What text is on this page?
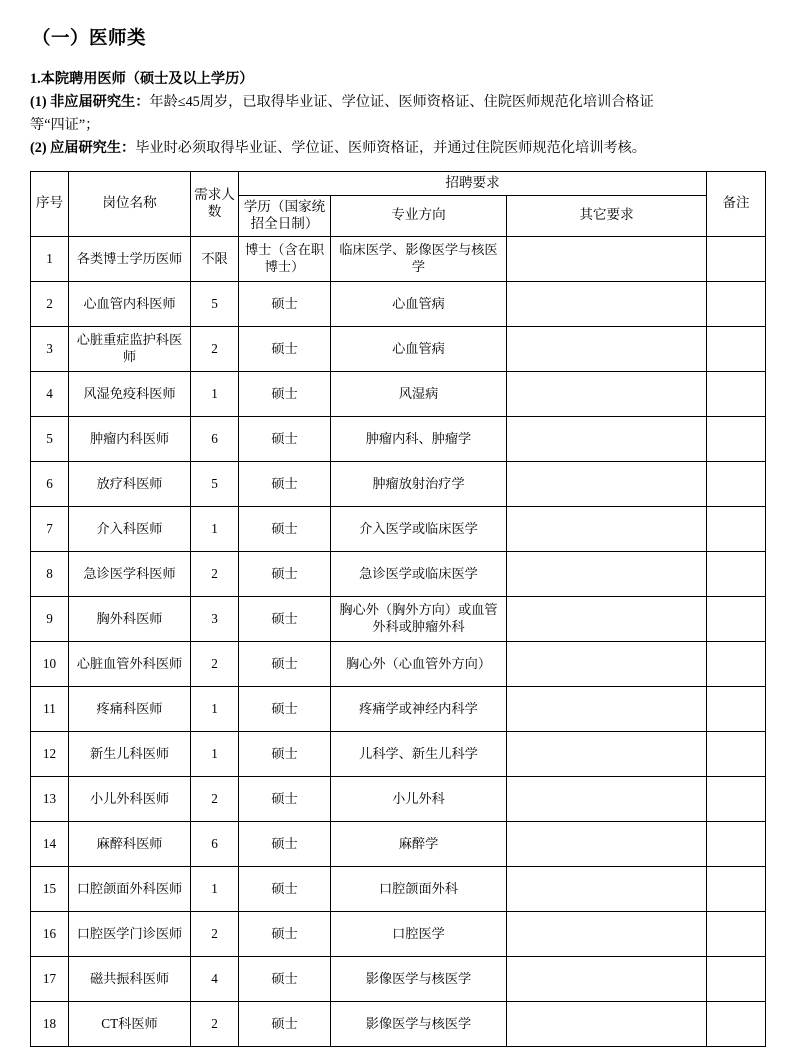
（一）医师类

1.本院聘用医师（硕士及以上学历）

(1) 非应届研究生：年龄≤45周岁，已取得毕业证、学位证、医师资格证、住院医师规范化培训合格证

等“四证”；

(2) 应届研究生：毕业时必须取得毕业证、学位证、医师资格证，并通过住院医师规范化培训考核。

序号	岗位名称	需求人数	招聘要求			备注
			学历（国家统招全日制）	专业方向	其它要求	
1	各类博士学历医师	不限	博士（含在职博士）	临床医学、影像医学与核医学		
2	心血管内科医师	5	硕士	心血管病		
3	心脏重症监护科医师	2	硕士	心血管病		
4	风湿免疫科医师	1	硕士	风湿病		
5	肿瘤内科医师	6	硕士	肿瘤内科、肿瘤学		
6	放疗科医师	5	硕士	肿瘤放射治疗学		
7	介入科医师	1	硕士	介入医学或临床医学		
8	急诊医学科医师	2	硕士	急诊医学或临床医学		
9	胸外科医师	3	硕士	胸心外（胸外方向）或血管外科或肿瘤外科		
10	心脏血管外科医师	2	硕士	胸心外（心血管外方向）		
11	疼痛科医师	1	硕士	疼痛学或神经内科学		
12	新生儿科医师	1	硕士	儿科学、新生儿科学		
13	小儿外科医师	2	硕士	小儿外科		
14	麻醉科医师	6	硕士	麻醉学		
15	口腔颌面外科医师	1	硕士	口腔颌面外科		
16	口腔医学门诊医师	2	硕士	口腔医学		
17	磁共振科医师	4	硕士	影像医学与核医学		
18	CT科医师	2	硕士	影像医学与核医学		
